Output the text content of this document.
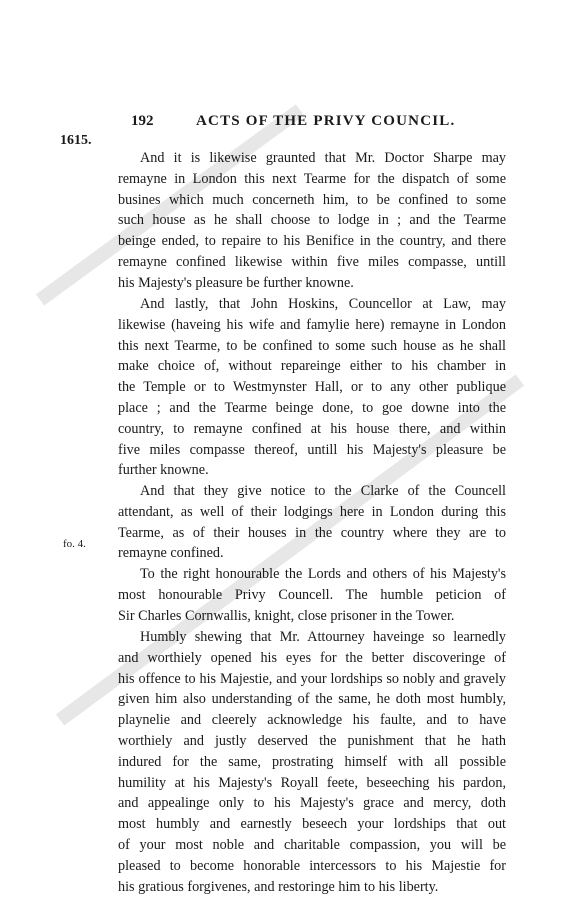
192	ACTS OF THE PRIVY COUNCIL.
1615.
fo. 4.
And it is likewise graunted that Mr. Doctor Sharpe may
remayne in London this next Tearme for the dispatch of some
busines which much concerneth him, to be confined to some
such house as he shall choose to lodge in ; and the Tearme
beinge ended, to repaire to his Benifice in the country, and there
remayne confined likewise within five miles compasse, untill
his Majesty's pleasure be further knowne.
And lastly, that John Hoskins, Councellor at Law, may
likewise (haveing his wife and famylie here) remayne in London
this next Tearme, to be confined to some such house as he shall
make choice of, without repareinge either to his chamber in
the Temple or to Westmynster Hall, or to any other publique
place ; and the Tearme beinge done, to goe downe into the
country, to remayne confined at his house there, and within
five miles compasse thereof, untill his Majesty's pleasure be
further knowne.
And that they give notice to the Clarke of the Councell
attendant, as well of their lodgings here in London during this
Tearme, as of their houses in the country where they are to
remayne confined.
To the right honourable the Lords and others of his Majesty's
most honourable Privy Councell. The humble peticion of
Sir Charles Cornwallis, knight, close prisoner in the Tower.
Humbly shewing that Mr. Attourney haveinge so learnedly
and worthiely opened his eyes for the better discoveringe of
his offence to his Majestie, and your lordships so nobly and gravely
given him also understanding of the same, he doth most humbly,
playnelie and cleerely acknowledge his faulte, and to have
worthiely and justly deserved the punishment that he hath
indured for the same, prostrating himself with all possible
humility at his Majesty's Royall feete, beseeching his pardon,
and appealinge only to his Majesty's grace and mercy, doth
most humbly and earnestly beseech your lordships that out
of your most noble and charitable compassion, you will be
pleased to become honorable intercessors to his Majestie for
his gratious forgivenes, and restoringe him to his liberty.
